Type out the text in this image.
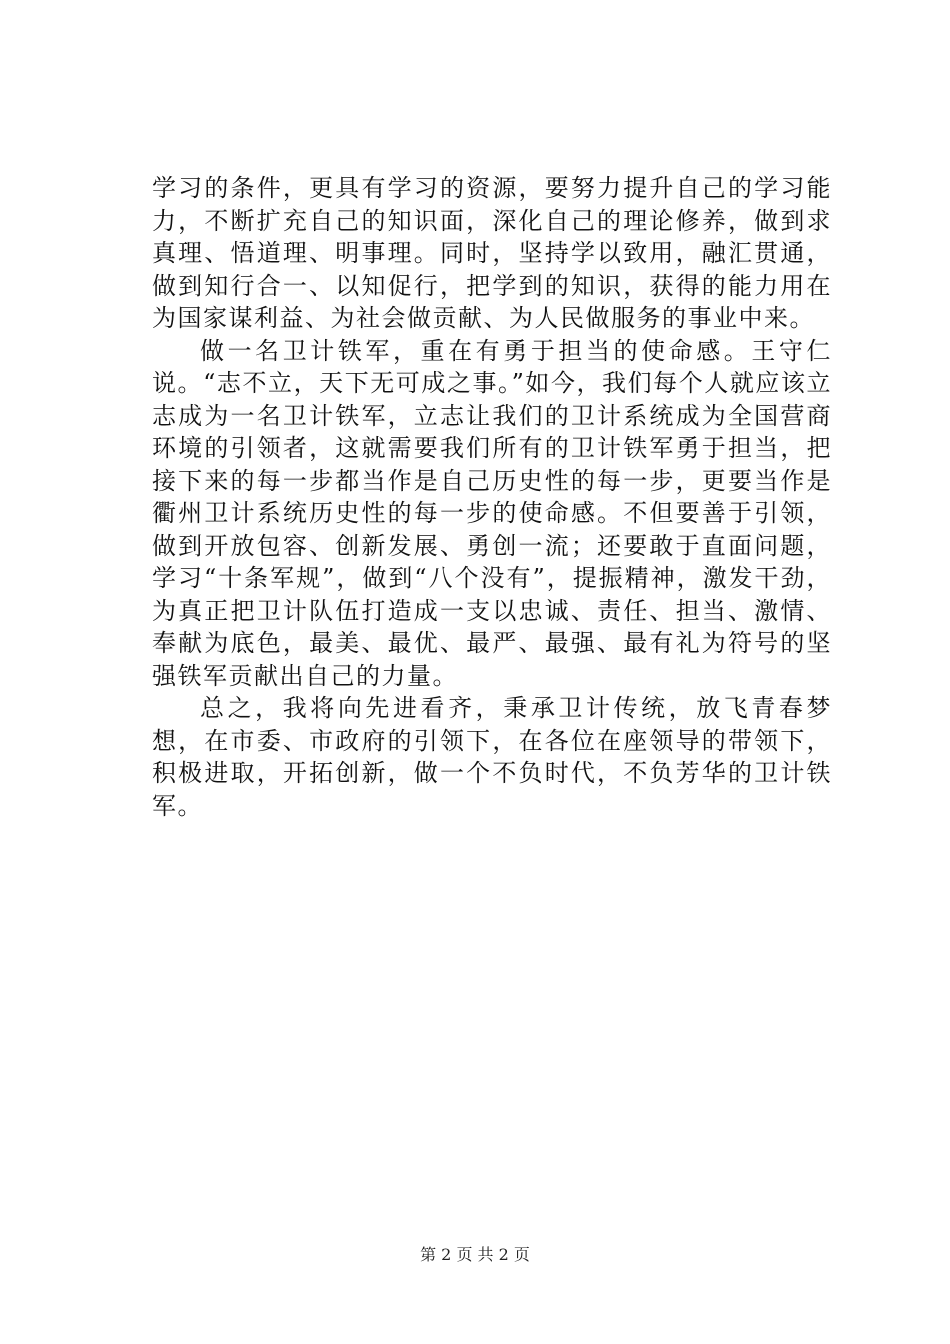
学习的条件，更具有学习的资源，要努力提升自己的学习能力，不断扩充自己的知识面，深化自己的理论修养，做到求真理、悟道理、明事理。同时，坚持学以致用，融汇贯通，做到知行合一、以知促行，把学到的知识，获得的能力用在为国家谋利益、为社会做贡献、为人民做服务的事业中来。

做一名卫计铁军，重在有勇于担当的使命感。王守仁说。“志不立，天下无可成之事。”如今，我们每个人就应该立志成为一名卫计铁军，立志让我们的卫计系统成为全国营商环境的引领者，这就需要我们所有的卫计铁军勇于担当，把接下来的每一步都当作是自己历史性的每一步，更要当作是衢州卫计系统历史性的每一步的使命感。不但要善于引领，做到开放包容、创新发展、勇创一流；还要敢于直面问题，学习“十条军规”，做到“八个没有”，提振精神，激发干劲，为真正把卫计队伍打造成一支以忠诚、责任、担当、激情、奉献为底色，最美、最优、最严、最强、最有礼为符号的坚强铁军贡献出自己的力量。

总之，我将向先进看齐，秉承卫计传统，放飞青春梦想，在市委、市政府的引领下，在各位在座领导的带领下，积极进取，开拓创新，做一个不负时代，不负芳华的卫计铁军。

第 2 页 共 2 页
